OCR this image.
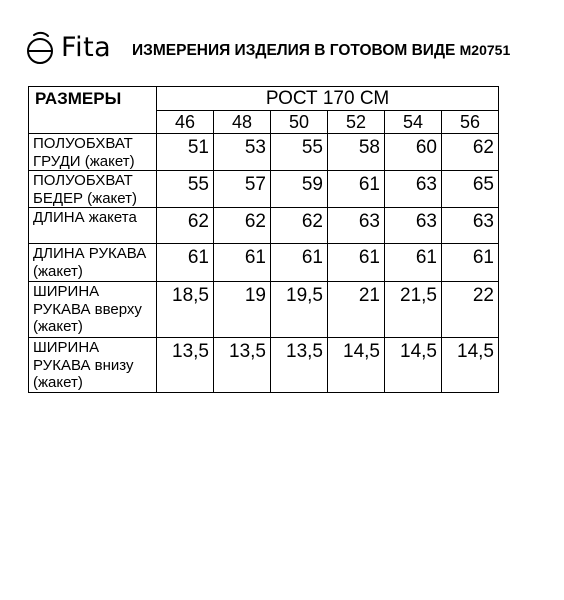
Fita ИЗМЕРЕНИЯ ИЗДЕЛИЯ В ГОТОВОМ ВИДЕ М20751
РАЗМЕРЫ	РОСТ 170 СМ					
	46	48	50	52	54	56
ПОЛУОБХВАТ
ГРУДИ (жакет)	51	53	55	58	60	62
ПОЛУОБХВАТ
БЕДЕР (жакет)	55	57	59	61	63	65
ДЛИНА жакета	62	62	62	63	63	63
ДЛИНА РУКАВА
(жакет)	61	61	61	61	61	61
ШИРИНА
РУКАВА вверху
(жакет)	18,5	19	19,5	21	21,5	22
ШИРИНА
РУКАВА внизу
(жакет)	13,5	13,5	13,5	14,5	14,5	14,5
